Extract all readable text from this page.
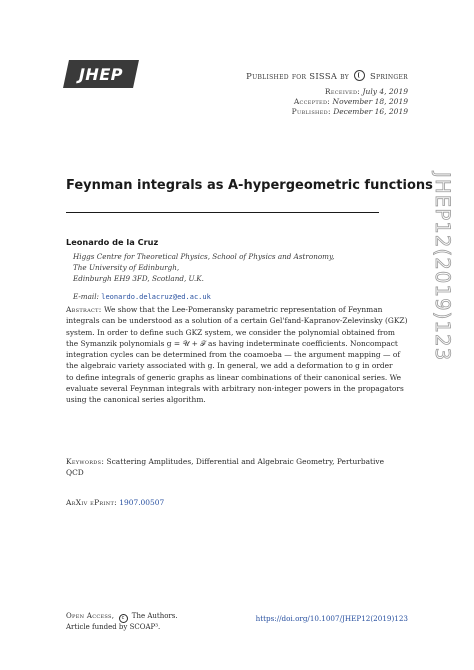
JHEP	Published for SISSA by Springer
Received: July 4, 2019
Accepted: November 18, 2019
Published: December 16, 2019
Feynman integrals as A-hypergeometric functions
Leonardo de la Cruz
Higgs Centre for Theoretical Physics, School of Physics and Astronomy,
The University of Edinburgh,
Edinburgh EH9 3FD, Scotland, U.K.
E-mail: leonardo.delacruz@ed.ac.uk
Abstract: We show that the Lee-Pomeransky parametric representation of Feynman
integrals can be understood as a solution of a certain Gel'fand-Kapranov-Zelevinsky (GKZ)
system. In order to define such GKZ system, we consider the polynomial obtained from
the Symanzik polynomials g = 𝒰 + ℱ as having indeterminate coefficients. Noncompact
integration cycles can be determined from the coamoeba — the argument mapping — of
the algebraic variety associated with g. In general, we add a deformation to g in order
to define integrals of generic graphs as linear combinations of their canonical series. We
evaluate several Feynman integrals with arbitrary non-integer powers in the propagators
using the canonical series algorithm.
Keywords: Scattering Amplitudes, Differential and Algebraic Geometry, Perturbative
QCD
ArXiv ePrint: 1907.00507
Open Access, c The Authors.
Article funded by SCOAP³.
https://doi.org/10.1007/JHEP12(2019)123
JHEP12(2019)123
